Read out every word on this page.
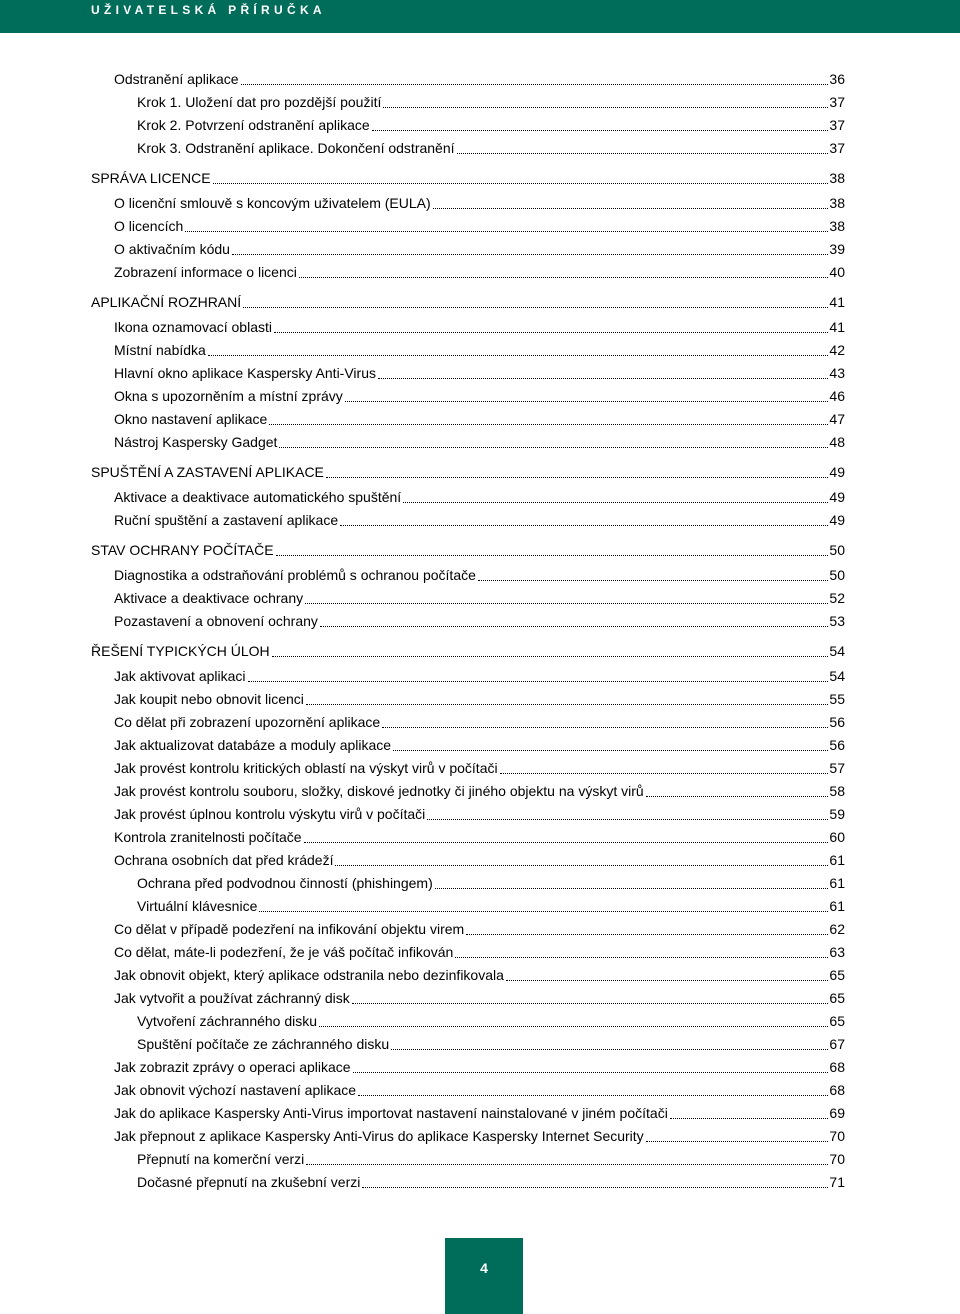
UŽIVATELSKÁ PŘÍRUČKA
Odstranění aplikace	36
Krok 1. Uložení dat pro pozdější použití	37
Krok 2. Potvrzení odstranění aplikace	37
Krok 3. Odstranění aplikace. Dokončení odstranění	37
SPRÁVA LICENCE	38
O licenční smlouvě s koncovým uživatelem (EULA)	38
O licencích	38
O aktivačním kódu	39
Zobrazení informace o licenci	40
APLIKAČNÍ ROZHRANÍ	41
Ikona oznamovací oblasti	41
Místní nabídka	42
Hlavní okno aplikace Kaspersky Anti-Virus	43
Okna s upozorněním a místní zprávy	46
Okno nastavení aplikace	47
Nástroj Kaspersky Gadget	48
SPUŠTĚNÍ A ZASTAVENÍ APLIKACE	49
Aktivace a deaktivace automatického spuštění	49
Ruční spuštění a zastavení aplikace	49
STAV OCHRANY POČÍTAČE	50
Diagnostika a odstraňování problémů s ochranou počítače	50
Aktivace a deaktivace ochrany	52
Pozastavení a obnovení ochrany	53
ŘEŠENÍ TYPICKÝCH ÚLOH	54
Jak aktivovat aplikaci	54
Jak koupit nebo obnovit licenci	55
Co dělat při zobrazení upozornění aplikace	56
Jak aktualizovat databáze a moduly aplikace	56
Jak provést kontrolu kritických oblastí na výskyt virů v počítači	57
Jak provést kontrolu souboru, složky, diskové jednotky či jiného objektu na výskyt virů	58
Jak provést úplnou kontrolu výskytu virů v počítači	59
Kontrola zranitelnosti počítače	60
Ochrana osobních dat před krádeží	61
Ochrana před podvodnou činností (phishingem)	61
Virtuální klávesnice	61
Co dělat v případě podezření na infikování objektu virem	62
Co dělat, máte-li podezření, že je váš počítač infikován	63
Jak obnovit objekt, který aplikace odstranila nebo dezinfikovala	65
Jak vytvořit a používat záchranný disk	65
Vytvoření záchranného disku	65
Spuštění počítače ze záchranného disku	67
Jak zobrazit zprávy o operaci aplikace	68
Jak obnovit výchozí nastavení aplikace	68
Jak do aplikace Kaspersky Anti-Virus importovat nastavení nainstalované v jiném počítači	69
Jak přepnout z aplikace Kaspersky Anti-Virus do aplikace Kaspersky Internet Security	70
Přepnutí na komerční verzi	70
Dočasné přepnutí na zkušební verzi	71
4
